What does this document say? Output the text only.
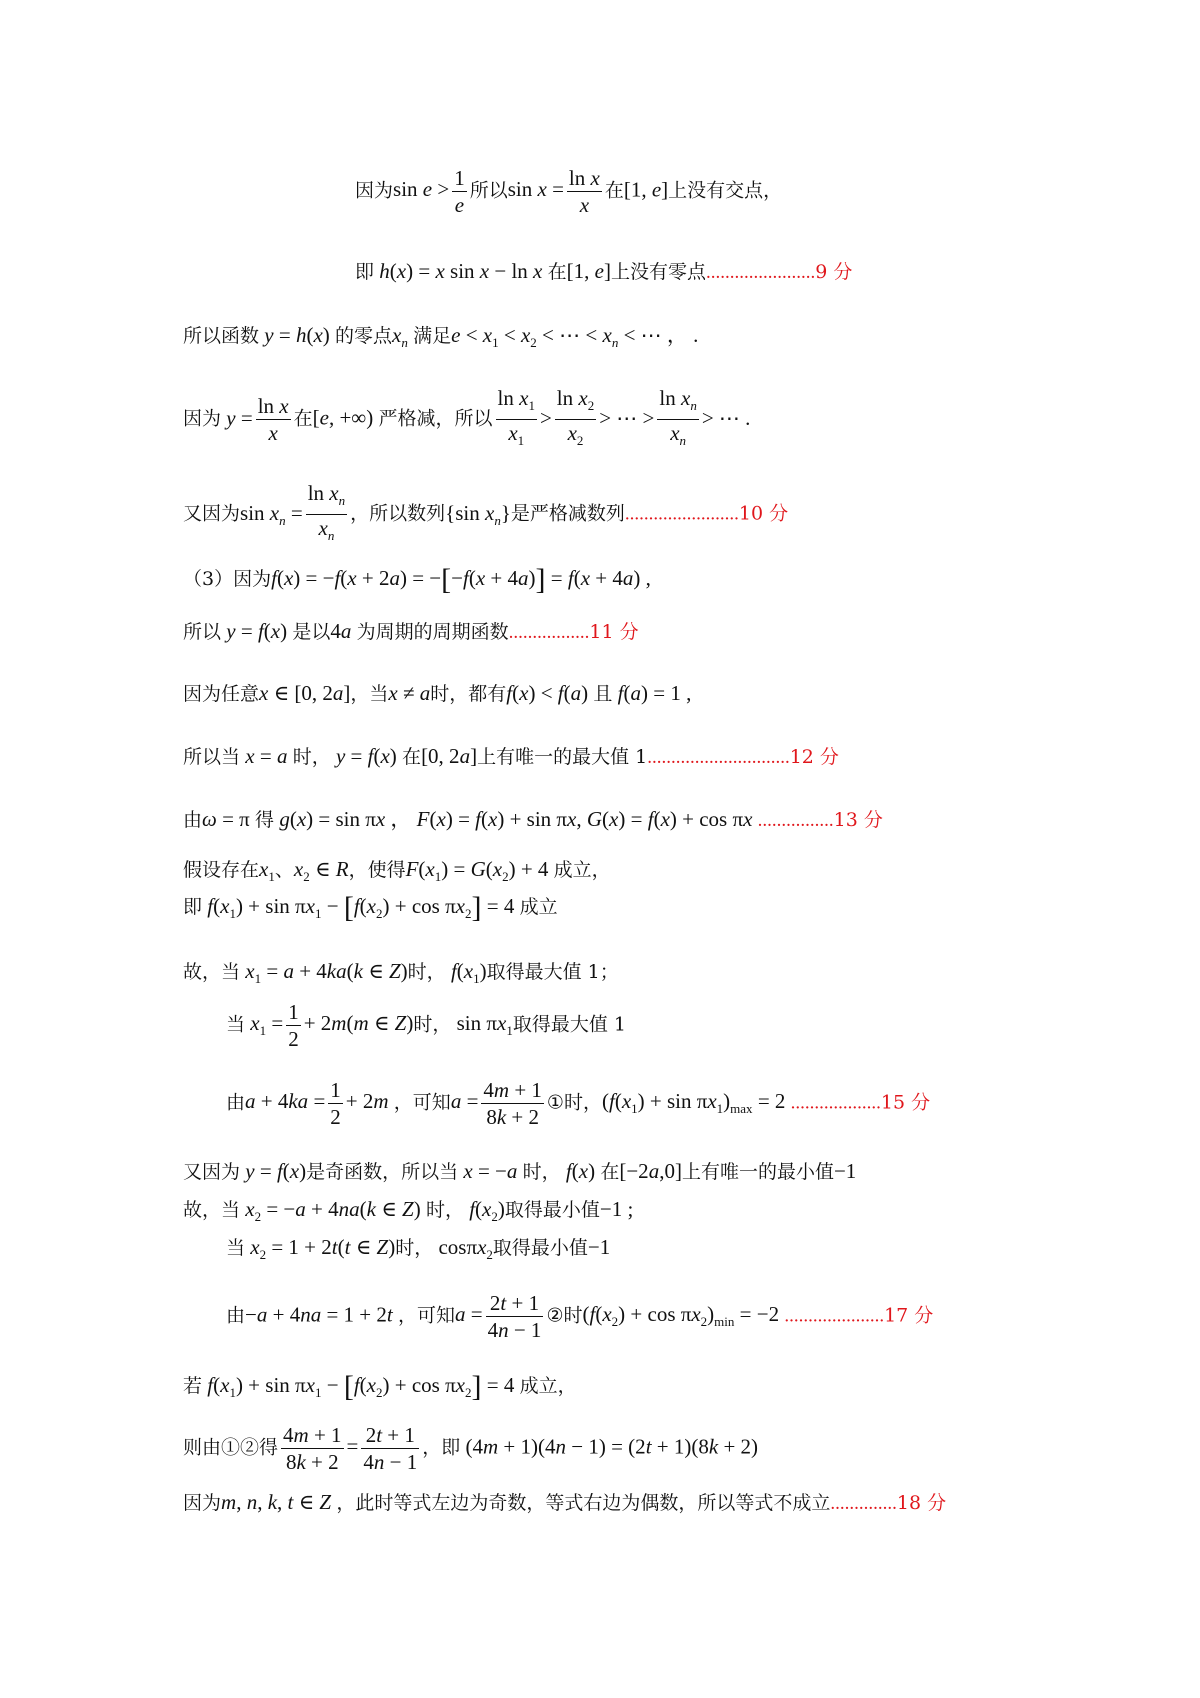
因为$\sin e > \frac{1}{e}$ 所以$\sin x = \frac{\text{ln x}}{x}$ 在[1, e]上没有交点，
即 h(x) = x sin x − ln x 在[1, e]上没有零点.......................9 分
所以函数 y = h(x) 的零点$x_n$ 满足$e < x_1 < x_2$ < ⋯ < $x_n$ < ⋯ ， .
因为 $y = \frac{\text{ln x}}{x}$ 在[e, +∞) 严格减，所以 $\frac{\ln x_1}{x_1} > \frac{\ln x_2}{x_2}$ > ⋯ > $\frac{\ln x_n}{x_n}$ > ⋯ .
又因为$\sin x_n = \frac{\ln x_n}{x_n}$ ，所以数列{sin $x_n$}是严格减数列........................10 分
（3）因为f(x) = −f(x + 2a) = −[−f(x + 4a)] = f(x + 4a) ,
所以 y = f(x) 是以4a 为周期的周期函数.................11 分
因为任意x ∈ [0, 2a]，当x ≠ a时，都有f(x) < f(a) 且 f(a) = 1 ,
所以当 x = a 时， y = f(x) 在[0, 2a]上有唯一的最大值 1..............................12 分
由ω = π 得 g(x) = sin πx ， F(x) = f(x) + sin πx, G(x) = f(x) + cos πx ................13 分
假设存在$x_1$、$x_2$ ∈ R，使得$F(x_1) = G(x_2) + 4$ 成立，
即 $f(x_1) + \sin \pi x_1 - [f(x_2) + \cos \pi x_2] = 4$ 成立
故，当 $x_1 = a + 4ka(k$ ∈ Z)时， $f(x_1)$取得最大值 1；
当 $x_1 = \frac{1}{2} + 2m(m$ ∈ Z)时， $\sin \pi x_1$取得最大值 1
由$a + 4ka = \frac{1}{2} + 2m$ ，可知$a = \frac{4m + 1}{8k + 2}$ ①时，$(f(x_1) + \sin \pi x_1)_{max} = 2$ ...................15 分
又因为 y = f(x)是奇函数，所以当 x = −a 时， f(x) 在[−2a,0]上有唯一的最小值−1
故，当 $x_2 = -a + 4na(k$ ∈ Z) 时， $f(x_2)$取得最小值−1 ;
当 $x_2 = 1 + 2t(t$ ∈ Z)时， cosπx$_2$取得最小值−1
由−a + 4na = 1 + 2t ，可知$a = \frac{2t + 1}{4n - 1}$ ②时$(f(x_2) + \cos \pi x_2)_{min} = -2$ .....................17 分
若 $f(x_1) + \sin \pi x_1 - [f(x_2) + \cos \pi x_2] = 4$ 成立，
则由①②得 $\frac{4m + 1}{8k + 2} = \frac{2t + 1}{4n - 1}$ ，即 (4m + 1)(4n − 1) = (2t + 1)(8k + 2)
因为m, n, k, t ∈ Z ，此时等式左边为奇数，等式右边为偶数，所以等式不成立..............18 分
